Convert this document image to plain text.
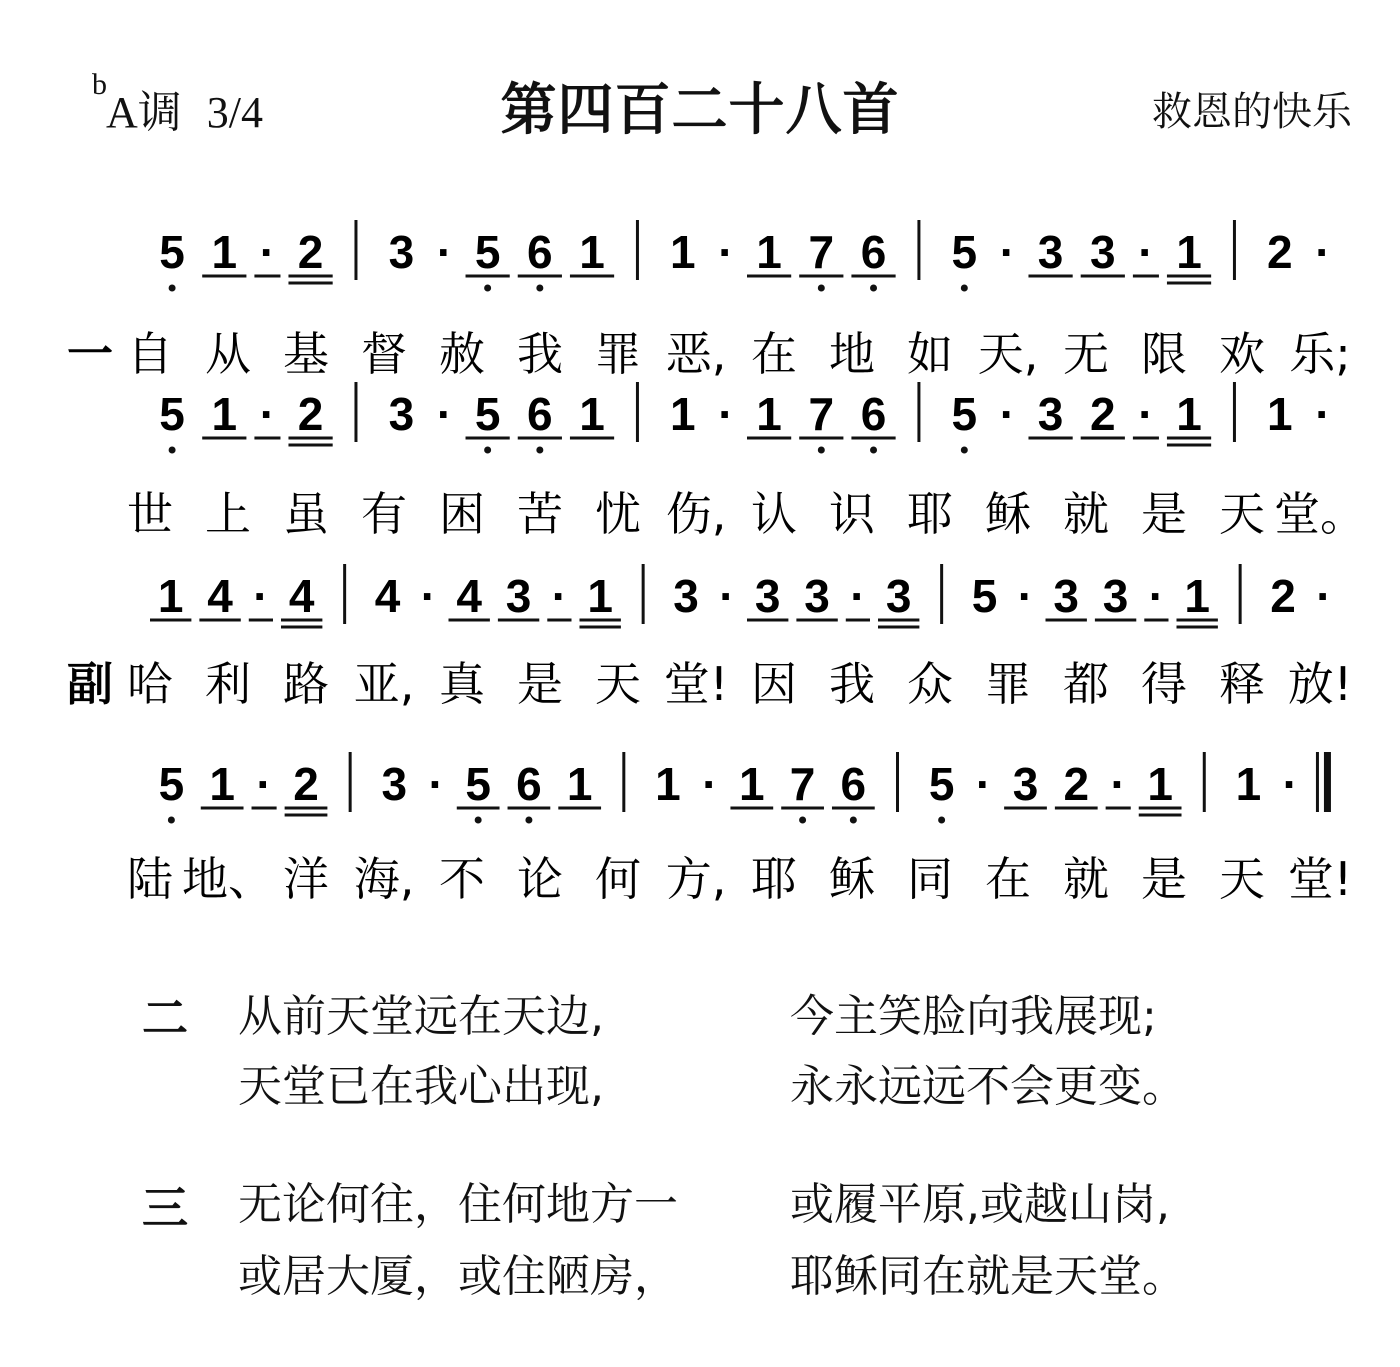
b
A调 3/4	第四百二十八首	救恩的快乐
5 1 · 2 3 · 5 6 1 1 · 1 7 6 5 · 3 3 · 1 2 ·
一 自 从 基 督 赦 我 罪 恶, 在 地 如 天, 无 限 欢 乐;
5 1 · 2 3 · 5 6 1 1 · 1 7 6 5 · 3 2 · 1 1 ·
世 上 虽 有 困 苦 忧 伤, 认 识 耶 稣 就 是 天 堂。
1 4 · 4 4 · 4 3 · 1 3 · 3 3 · 3 5 · 3 3 · 1 2 ·
副 哈 利 路 亚, 真 是 天 堂! 因 我 众 罪 都 得 释 放!
5 1 · 2 3 · 5 6 1 1 · 1 7 6 5 · 3 2 · 1 1 ·
陆 地、 洋 海, 不 论 何 方, 耶 稣 同 在 就 是 天 堂!
二 从前天堂远在天边,	今主笑脸向我展现;
天堂已在我心出现,	永永远远不会更变。
三 无论何往，住何地方一	或履平原,或越山岗,
或居大厦，或住陋房，	耶稣同在就是天堂。
